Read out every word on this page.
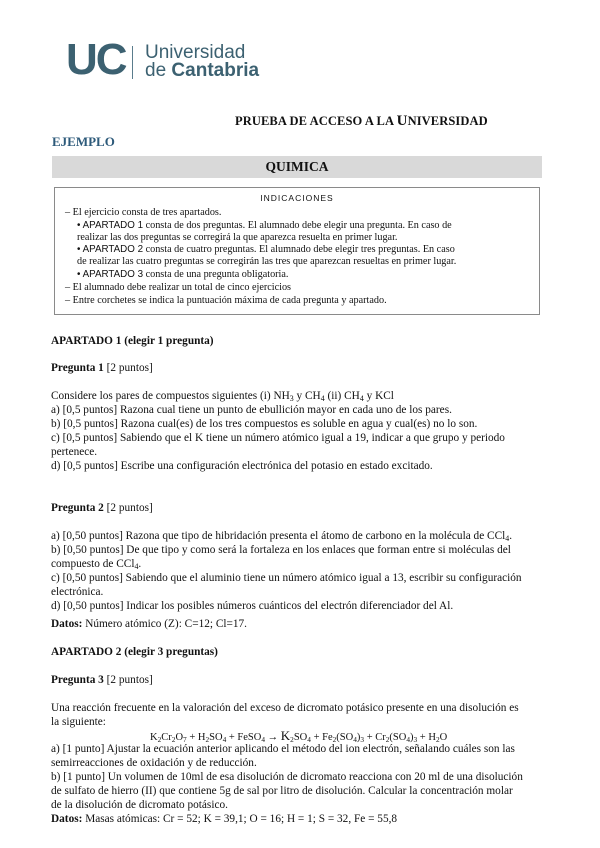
UC Universidad
de Cantabria
PRUEBA DE ACCESO A LA UNIVERSIDAD
EJEMPLO
QUIMICA
INDICACIONES
– El ejercicio consta de tres apartados.
• APARTADO 1 consta de dos preguntas. El alumnado debe elegir una pregunta. En caso de
realizar las dos preguntas se corregirá la que aparezca resuelta en primer lugar.
• APARTADO 2 consta de cuatro preguntas. El alumnado debe elegir tres preguntas. En caso
de realizar las cuatro preguntas se corregirán las tres que aparezcan resueltas en primer lugar.
• APARTADO 3 consta de una pregunta obligatoria.
– El alumnado debe realizar un total de cinco ejercicios
– Entre corchetes se indica la puntuación máxima de cada pregunta y apartado.
APARTADO 1 (elegir 1 pregunta)
Pregunta 1 [2 puntos]
Considere los pares de compuestos siguientes (i) $NH_3$ y $CH_4$ (ii) $CH_4$ y KCl
a) [0,5 puntos] Razona cual tiene un punto de ebullición mayor en cada uno de los pares.
b) [0,5 puntos] Razona cual(es) de los tres compuestos es soluble en agua y cual(es) no lo son.
c) [0,5 puntos] Sabiendo que el K tiene un número atómico igual a 19, indicar a que grupo y periodo
pertenece.
d) [0,5 puntos] Escribe una configuración electrónica del potasio en estado excitado.
Pregunta 2 [2 puntos]
a) [0,50 puntos] Razona que tipo de hibridación presenta el átomo de carbono en la molécula de CCl$_4$.
b) [0,50 puntos] De que tipo y como será la fortaleza en los enlaces que forman entre si moléculas del
compuesto de CCl$_4$.
c) [0,50 puntos] Sabiendo que el aluminio tiene un número atómico igual a 13, escribir su configuración
electrónica.
d) [0,50 puntos] Indicar los posibles números cuánticos del electrón diferenciador del Al.
Datos: Número atómico (Z): C=12; Cl=17.
APARTADO 2 (elegir 3 preguntas)
Pregunta 3 [2 puntos]
Una reacción frecuente en la valoración del exceso de dicromato potásico presente en una disolución es
la siguiente:
$K_2Cr_2O_7 + H_2SO_4$ + FeSO$_4$ → $K_2SO_4 + Fe_2(SO_4)_3 + Cr_2(SO_4)_3 + H_2O$
a) [1 punto] Ajustar la ecuación anterior aplicando el método del ion electrón, señalando cuáles son las
semirreacciones de oxidación y de reducción.
b) [1 punto] Un volumen de 10ml de esa disolución de dicromato reacciona con 20 ml de una disolución
de sulfato de hierro (II) que contiene 5g de sal por litro de disolución. Calcular la concentración molar
de la disolución de dicromato potásico.
Datos: Masas atómicas: Cr = 52; K = 39,1; O = 16; H = 1; S = 32, Fe = 55,8
